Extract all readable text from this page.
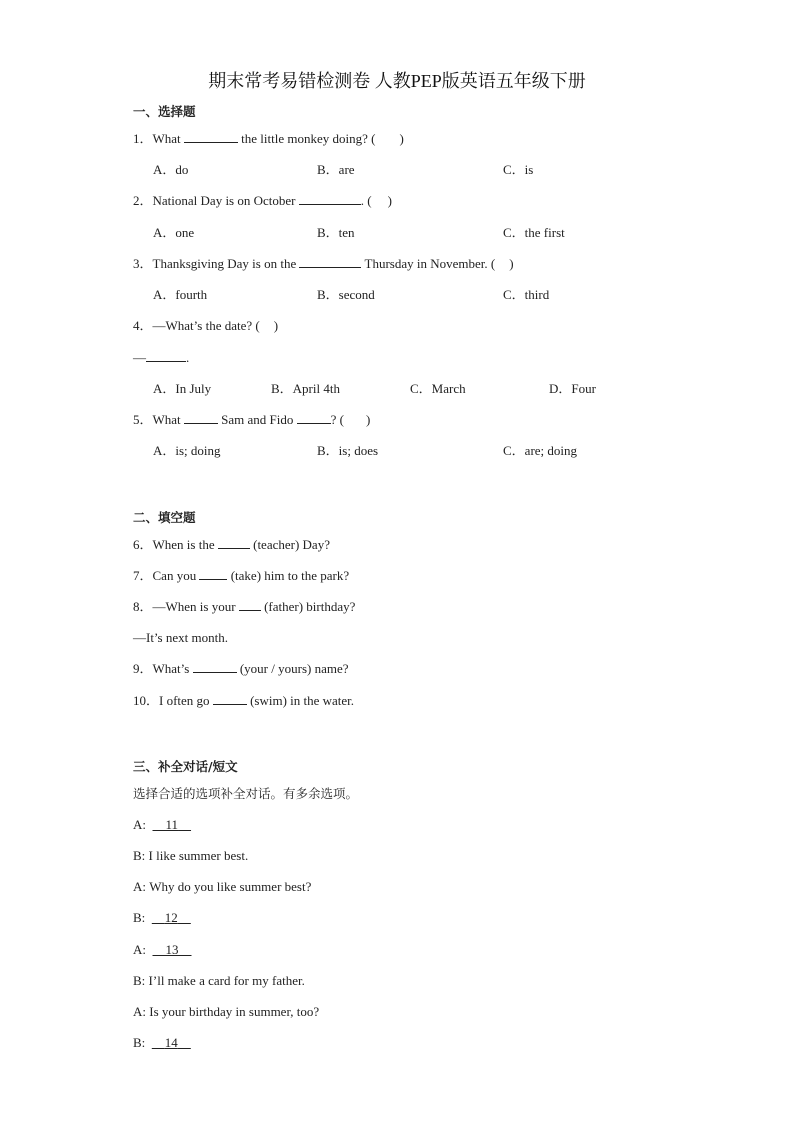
期末常考易错检测卷 人教PEP版英语五年级下册
一、选择题
1．What	the little monkey doing? ( )
A．do	B．are	C．is
2．National Day is on October	. ( )
A．one	B．ten	C．the first
3．Thanksgiving Day is on the	Thursday in November. ( )
A．fourth	B．second	C．third
4．—What’s the date? ( )
—	.
A．In July	B．April 4th	C．March	D．Four
5．What	Sam and Fido	? ( )
A．is; doing	B．is; does	C．are; doing
二、填空题
6．When is the	(teacher) Day?
7．Can you	(take) him to the park?
8．—When is your (father) birthday?
—It’s next month.
9．What’s	(your / yours) name?
10．I often go	(swim) in the water.
三、补全对话/短文
选择合适的选项补全对话。有多余选项。
A: 11
B: I like summer best.
A: Why do you like summer best?
B: 12
A: 13
B: I’ll make a card for my father.
A: Is your birthday in summer, too?
B: 14
